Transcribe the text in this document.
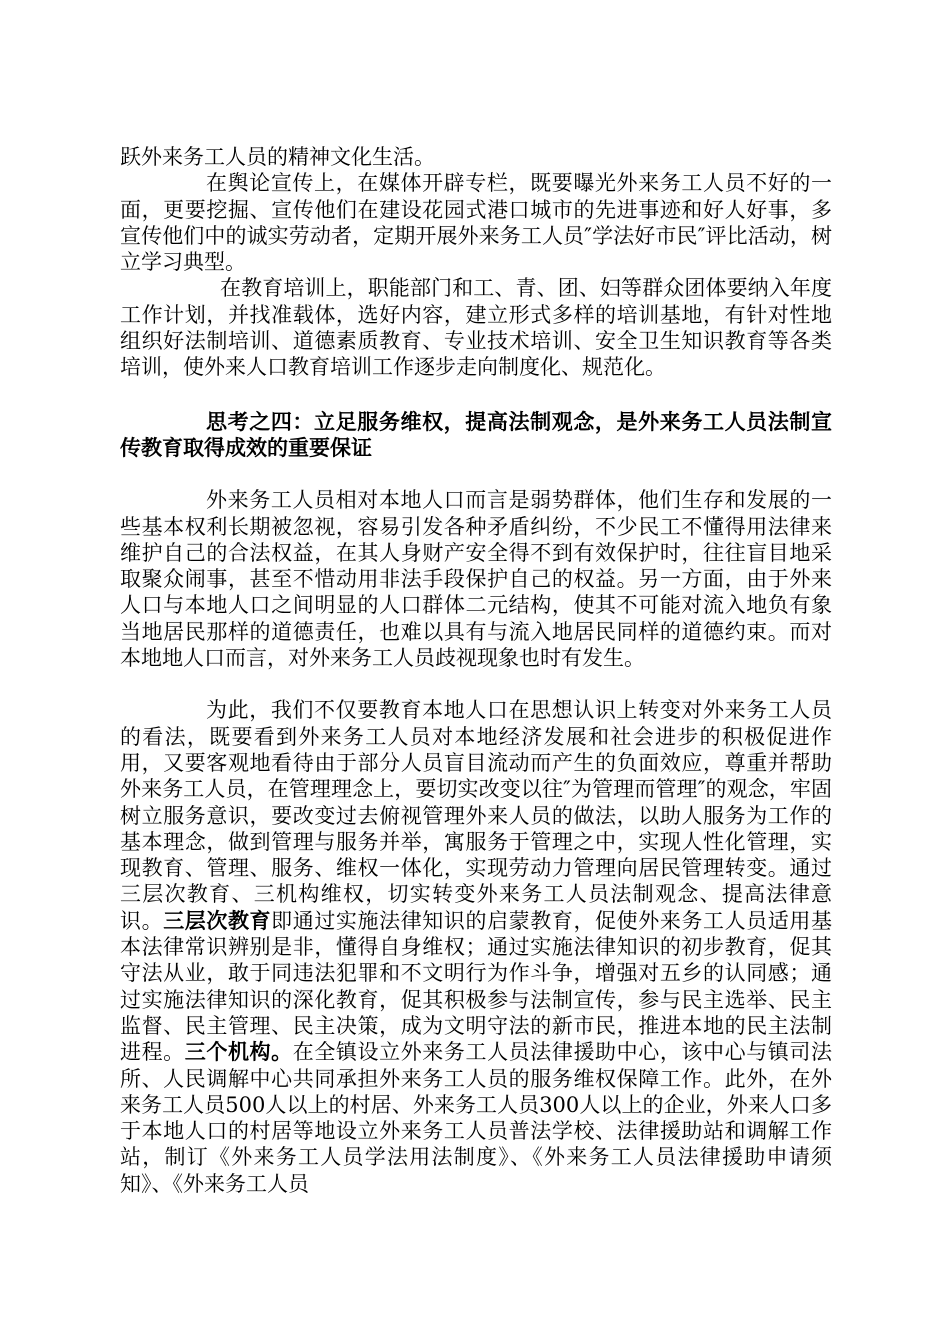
跃外来务工人员的精神文化生活。

在舆论宣传上，在媒体开辟专栏，既要曝光外来务工人员不好的一面，更要挖掘、宣传他们在建设花园式港口城市的先进事迹和好人好事，多宣传他们中的诚实劳动者，定期开展外来务工人员″学法好市民″评比活动，树立学习典型。

在教育培训上，职能部门和工、青、团、妇等群众团体要纳入年度工作计划，并找准载体，选好内容，建立形式多样的培训基地，有针对性地组织好法制培训、道德素质教育、专业技术培训、安全卫生知识教育等各类培训，使外来人口教育培训工作逐步走向制度化、规范化。

思考之四：立足服务维权，提高法制观念，是外来务工人员法制宣传教育取得成效的重要保证

外来务工人员相对本地人口而言是弱势群体，他们生存和发展的一些基本权利长期被忽视，容易引发各种矛盾纠纷，不少民工不懂得用法律来维护自己的合法权益，在其人身财产安全得不到有效保护时，往往盲目地采取聚众闹事，甚至不惜动用非法手段保护自己的权益。另一方面，由于外来人口与本地人口之间明显的人口群体二元结构，使其不可能对流入地负有象当地居民那样的道德责任，也难以具有与流入地居民同样的道德约束。而对本地地人口而言，对外来务工人员歧视现象也时有发生。

为此，我们不仅要教育本地人口在思想认识上转变对外来务工人员的看法，既要看到外来务工人员对本地经济发展和社会进步的积极促进作用，又要客观地看待由于部分人员盲目流动而产生的负面效应，尊重并帮助外来务工人员，在管理理念上，要切实改变以往″为管理而管理″的观念，牢固树立服务意识，要改变过去俯视管理外来人员的做法，以助人服务为工作的基本理念，做到管理与服务并举，寓服务于管理之中，实现人性化管理，实现教育、管理、服务、维权一体化，实现劳动力管理向居民管理转变。通过三层次教育、三机构维权，切实转变外来务工人员法制观念、提高法律意识。三层次教育即通过实施法律知识的启蒙教育，促使外来务工人员适用基本法律常识辨别是非，懂得自身维权；通过实施法律知识的初步教育，促其守法从业，敢于同违法犯罪和不文明行为作斗争，增强对五乡的认同感；通过实施法律知识的深化教育，促其积极参与法制宣传，参与民主选举、民主监督、民主管理、民主决策，成为文明守法的新市民，推进本地的民主法制进程。三个机构。在全镇设立外来务工人员法律援助中心，该中心与镇司法所、人民调解中心共同承担外来务工人员的服务维权保障工作。此外，在外来务工人员500人以上的村居、外来务工人员300人以上的企业，外来人口多于本地人口的村居等地设立外来务工人员普法学校、法律援助站和调解工作站，制订《外来务工人员学法用法制度》、《外来务工人员法律援助申请须知》、《外来务工人员
